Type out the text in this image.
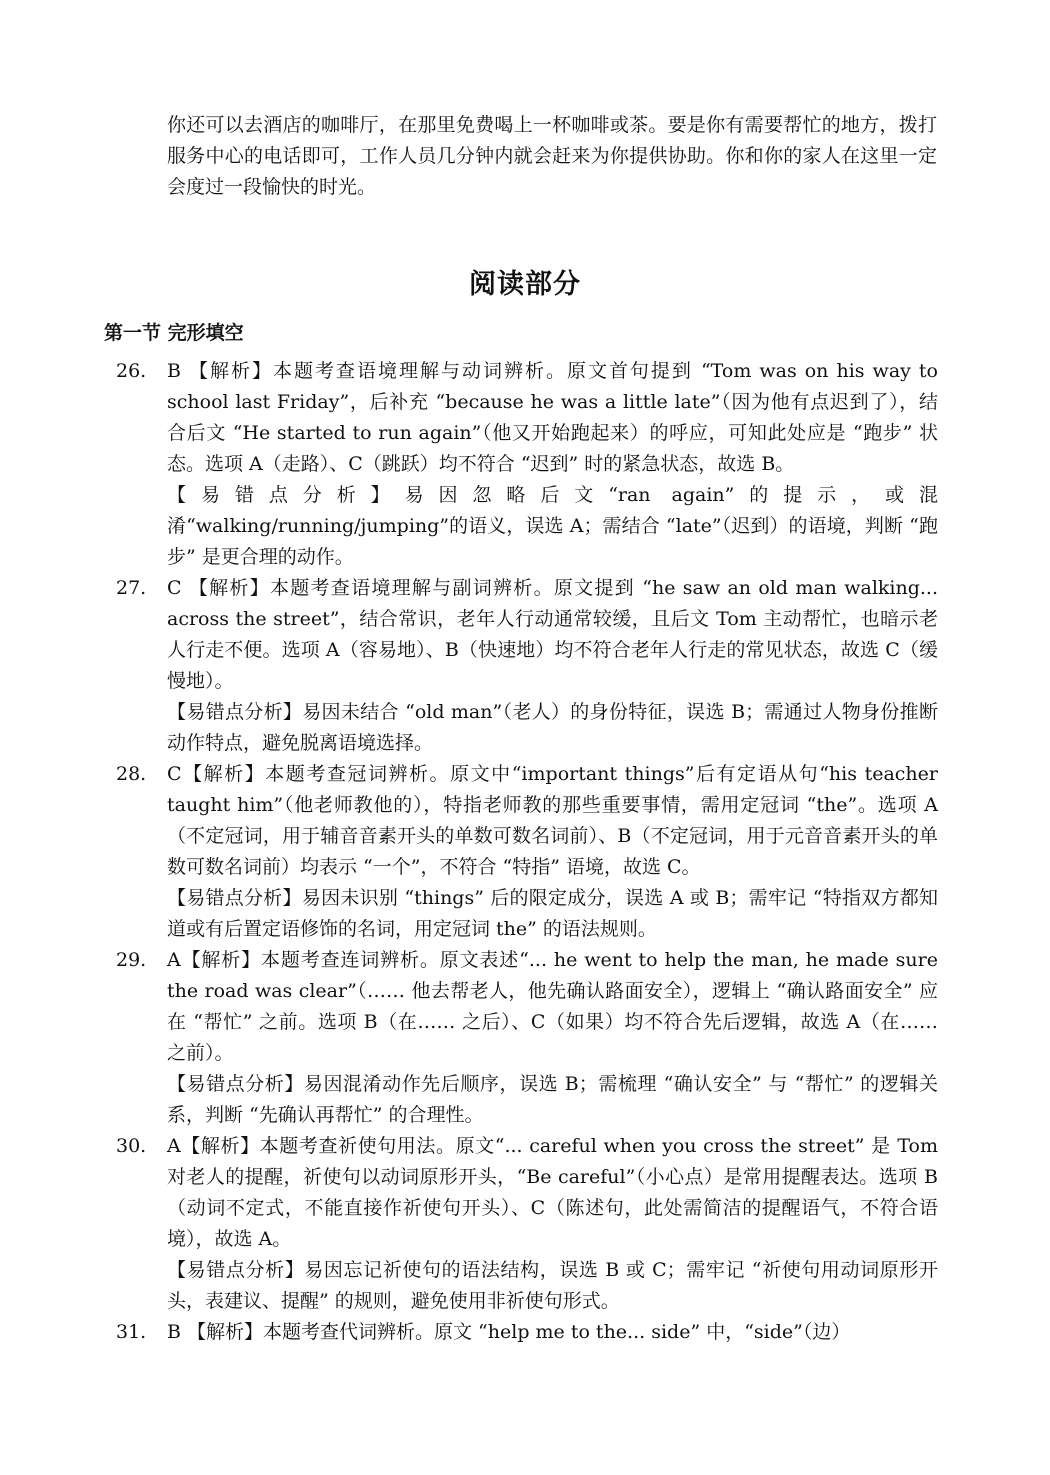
你还可以去酒店的咖啡厅，在那里免费喝上一杯咖啡或茶。要是你有需要帮忙的地方，拨打服务中心的电话即可，工作人员几分钟内就会赶来为你提供协助。你和你的家人在这里一定会度过一段愉快的时光。

阅读部分
第一节 完形填空
26.	B 【解析】本题考查语境理解与动词辨析。原文首句提到 “Tom was on his way to school last Friday”，后补充 “because he was a little late”（因为他有点迟到了），结合后文 “He started to run again”（他又开始跑起来）的呼应，可知此处应是 “跑步” 状态。选项 A（走路）、C（跳跃）均不符合 “迟到” 时的紧急状态，故选 B。

【易错点分析】易因忽略后文“ran again”的提示，或混淆“walking/running/jumping”的语义，误选 A；需结合 “late”（迟到）的语境，判断 “跑步” 是更合理的动作。

27.	C 【解析】本题考查语境理解与副词辨析。原文提到 “he saw an old man walking... across the street”，结合常识，老年人行动通常较缓，且后文 Tom 主动帮忙，也暗示老人行走不便。选项 A（容易地）、B（快速地）均不符合老年人行走的常见状态，故选 C（缓慢地）。

【易错点分析】易因未结合 “old man”（老人）的身份特征，误选 B；需通过人物身份推断动作特点，避免脱离语境选择。

28.	C【解析】本题考查冠词辨析。原文中“important things”后有定语从句“his teacher taught him”（他老师教他的），特指老师教的那些重要事情，需用定冠词 “the”。选项 A（不定冠词，用于辅音音素开头的单数可数名词前）、B（不定冠词，用于元音音素开头的单数可数名词前）均表示 “一个”，不符合 “特指” 语境，故选 C。

【易错点分析】易因未识别 “things” 后的限定成分，误选 A 或 B；需牢记 “特指双方都知道或有后置定语修饰的名词，用定冠词 the” 的语法规则。

29.	A【解析】本题考查连词辨析。原文表述“... he went to help the man, he made sure the road was clear”（…… 他去帮老人，他先确认路面安全），逻辑上 “确认路面安全” 应在 “帮忙” 之前。选项 B（在…… 之后）、C（如果）均不符合先后逻辑，故选 A（在…… 之前）。

【易错点分析】易因混淆动作先后顺序，误选 B；需梳理 “确认安全” 与 “帮忙” 的逻辑关系，判断 “先确认再帮忙” 的合理性。

30.	A【解析】本题考查祈使句用法。原文“... careful when you cross the street” 是 Tom 对老人的提醒，祈使句以动词原形开头，“Be careful”（小心点）是常用提醒表达。选项 B（动词不定式，不能直接作祈使句开头）、C（陈述句，此处需简洁的提醒语气，不符合语境），故选 A。

【易错点分析】易因忘记祈使句的语法结构，误选 B 或 C；需牢记 “祈使句用动词原形开头，表建议、提醒” 的规则，避免使用非祈使句形式。

31.	B 【解析】本题考查代词辨析。原文 “help me to the... side” 中，“side”（边）
